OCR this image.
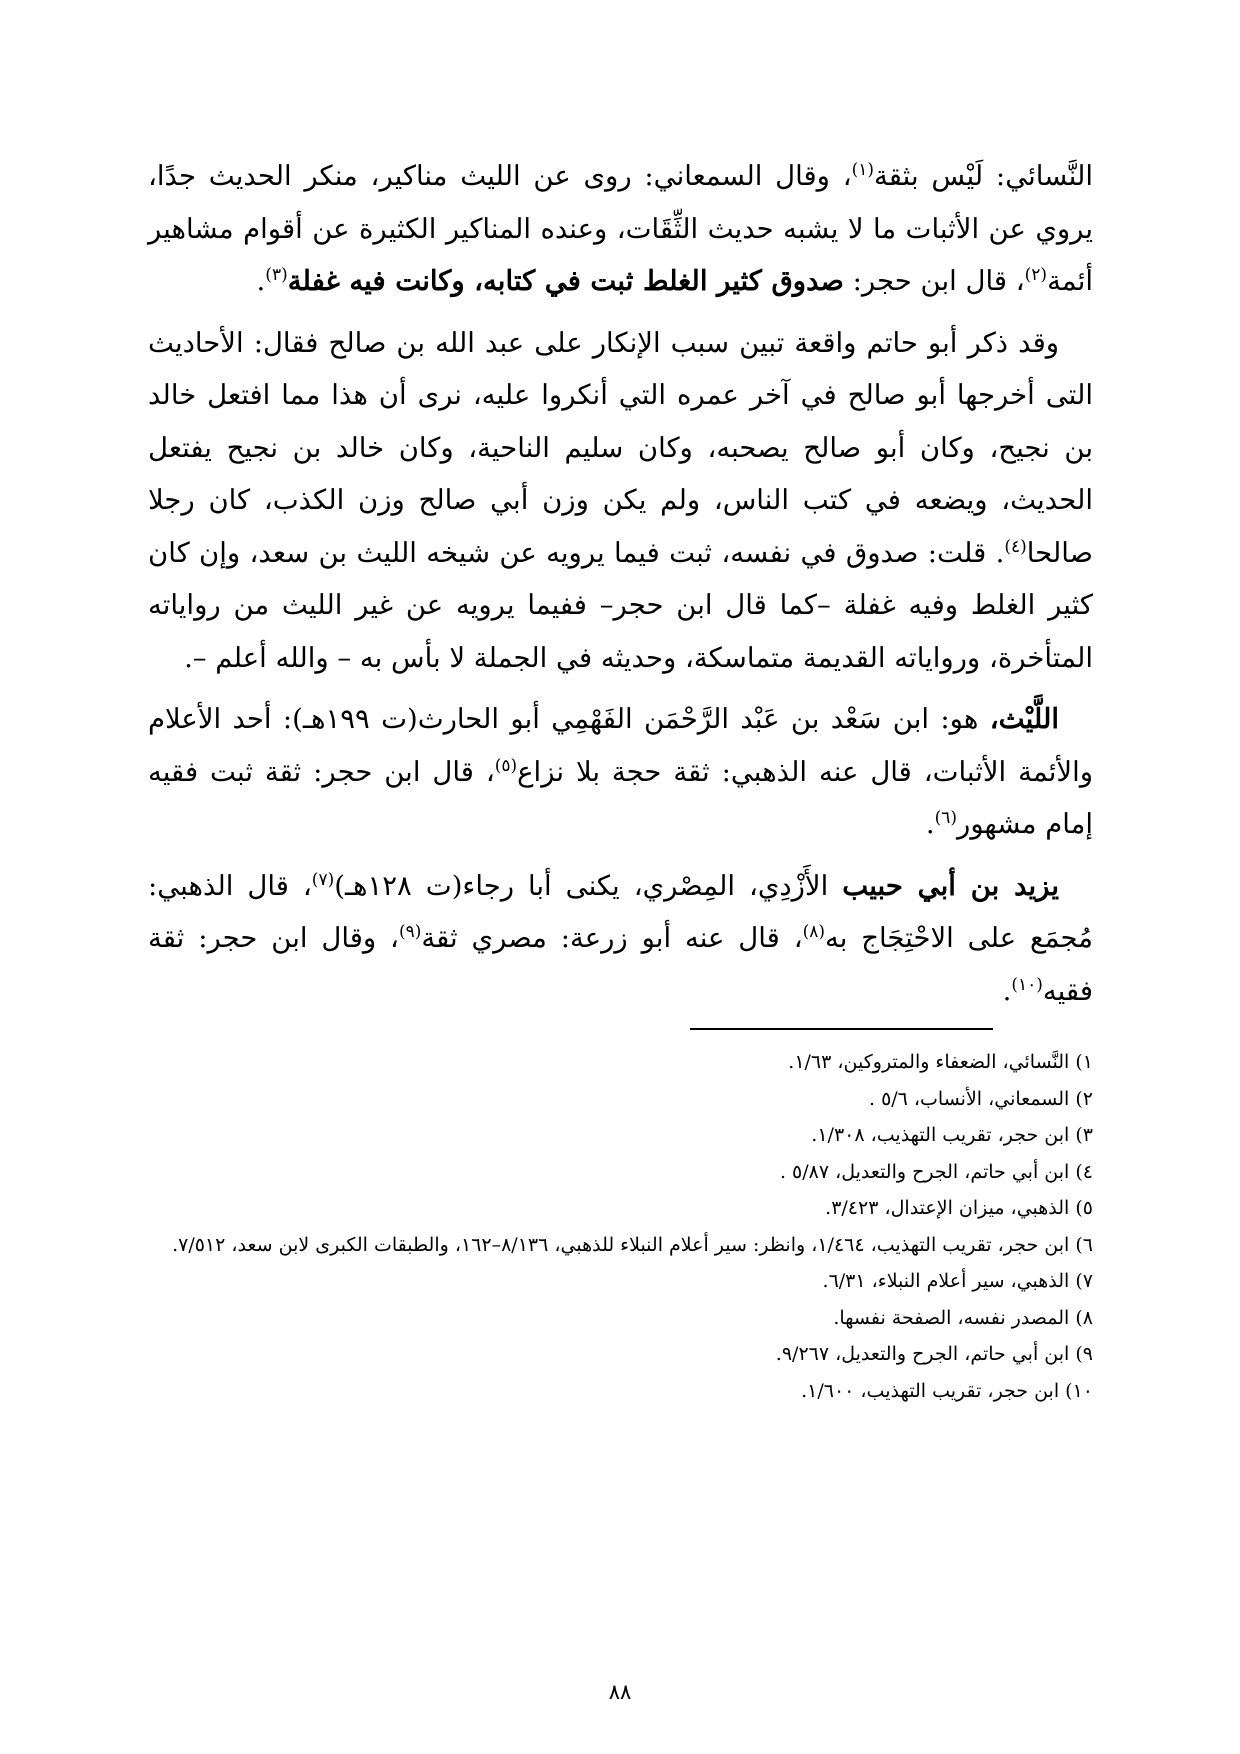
النَّسائي: لَيْس بثقة$^{(١)}$، وقال السمعاني: روى عن الليث مناكير، منكر الحديث جدًا، يروي عن الأثبات ما لا يشبه حديث الثِّقَات، وعنده المناكير الكثيرة عن أقوام مشاهير أئمة$^{(٢)}$، قال ابن حجر: صدوق كثير الغلط ثبت في كتابه، وكانت فيه غفلة$^{(٣)}$.

وقد ذكر أبو حاتم واقعة تبين سبب الإنكار على عبد الله بن صالح فقال: الأحاديث التى أخرجها أبو صالح في آخر عمره التي أنكروا عليه، نرى أن هذا مما افتعل خالد بن نجيح، وكان أبو صالح يصحبه، وكان سليم الناحية، وكان خالد بن نجيح يفتعل الحديث، ويضعه في كتب الناس، ولم يكن وزن أبي صالح وزن الكذب، كان رجلا صالحا$^{(٤)}$. قلت: صدوق في نفسه، ثبت فيما يرويه عن شيخه الليث بن سعد، وإن كان كثير الغلط وفيه غفلة –كما قال ابن حجر– ففيما يرويه عن غير الليث من رواياته المتأخرة، ورواياته القديمة متماسكة، وحديثه في الجملة لا بأس به – والله أعلم –.

اللَّيْث، هو: ابن سَعْد بن عَبْد الرَّحْمَن الفَهْمِي أبو الحارث(ت ١٩٩هـ): أحد الأعلام والأئمة الأثبات، قال عنه الذهبي: ثقة حجة بلا نزاع$^{(٥)}$، قال ابن حجر: ثقة ثبت فقيه إمام مشهور$^{(٦)}$.

يزيد بن أبي حبيب الأَزْدِي، المِصْري، يكنى أبا رجاء(ت ١٢٨هـ)$^{(٧)}$، قال الذهبي: مُجمَع على الاحْتِجَاج به$^{(٨)}$، قال عنه أبو زرعة: مصري ثقة$^{(٩)}$، وقال ابن حجر: ثقة فقيه$^{(١٠)}$.

١) النَّسائي، الضعفاء والمتروكين، ١/٦٣.

٢) السمعاني، الأنساب، ٥/٦ .

٣) ابن حجر، تقريب التهذيب، ١/٣٠٨.

٤) ابن أبي حاتم، الجرح والتعديل، ٥/٨٧ .

٥) الذهبي، ميزان الإعتدال، ٣/٤٢٣.

٦) ابن حجر، تقريب التهذيب، ١/٤٦٤، وانظر: سير أعلام النبلاء للذهبي، ٨/١٣٦–١٦٢، والطبقات الكبرى لابن سعد، ٧/٥١٢.

٧) الذهبي، سير أعلام النبلاء، ٦/٣١.

٨) المصدر نفسه، الصفحة نفسها.

٩) ابن أبي حاتم، الجرح والتعديل، ٩/٢٦٧.

١٠) ابن حجر، تقريب التهذيب، ١/٦٠٠.

٨٨
